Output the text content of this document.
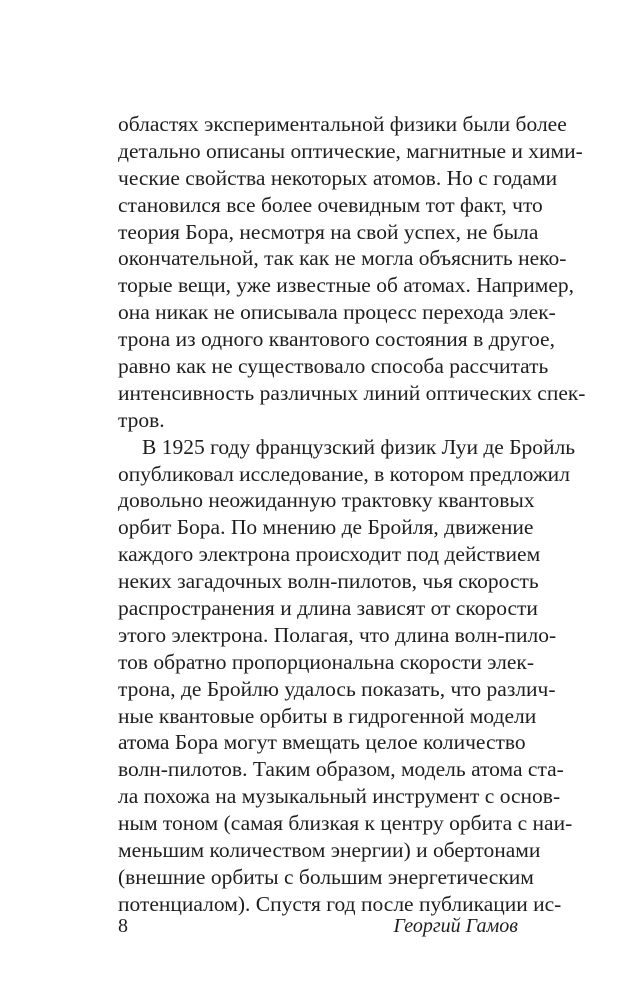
областях экспериментальной физики были более
детально описаны оптические, магнитные и хими-
ческие свойства некоторых атомов. Но с годами
становился все более очевидным тот факт, что
теория Бора, несмотря на свой успех, не была
окончательной, так как не могла объяснить неко-
торые вещи, уже известные об атомах. Например,
она никак не описывала процесс перехода элек-
трона из одного квантового состояния в другое,
равно как не существовало способа рассчитать
интенсивность различных линий оптических спек-
тров.
В 1925 году французский физик Луи де Бройль
опубликовал исследование, в котором предложил
довольно неожиданную трактовку квантовых
орбит Бора. По мнению де Бройля, движение
каждого электрона происходит под действием
неких загадочных волн-пилотов, чья скорость
распространения и длина зависят от скорости
этого электрона. Полагая, что длина волн-пило-
тов обратно пропорциональна скорости элек-
трона, де Бройлю удалось показать, что различ-
ные квантовые орбиты в гидрогенной модели
атома Бора могут вмещать целое количество
волн-пилотов. Таким образом, модель атома ста-
ла похожа на музыкальный инструмент с основ-
ным тоном (самая близкая к центру орбита с наи-
меньшим количеством энергии) и обертонами
(внешние орбиты с большим энергетическим
потенциалом). Спустя год после публикации ис-
8	Георгий Гамов
